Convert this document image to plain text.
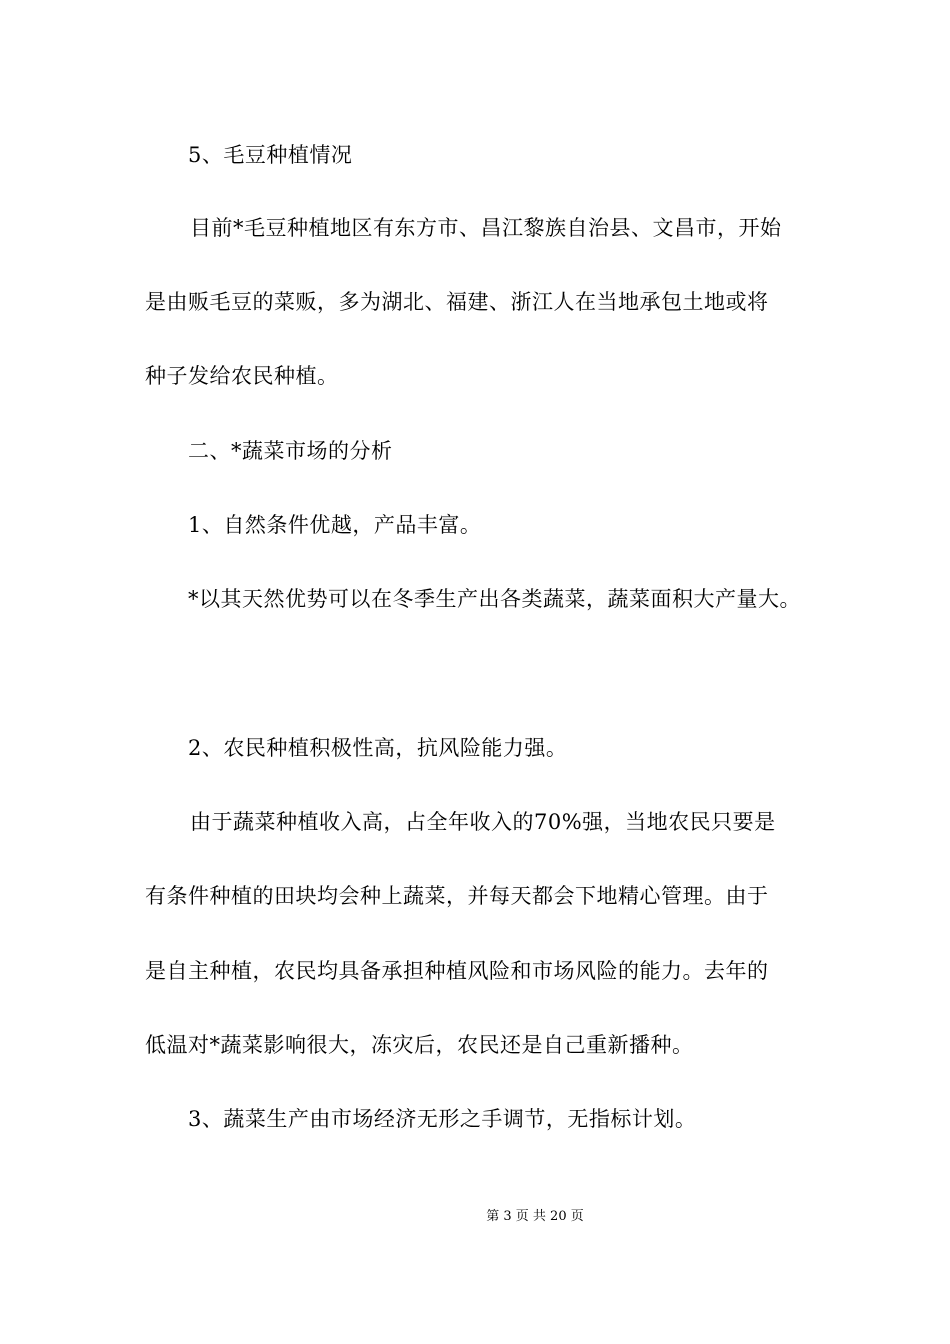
5、毛豆种植情况
目前*毛豆种植地区有东方市、昌江黎族自治县、文昌市，开始
是由贩毛豆的菜贩，多为湖北、福建、浙江人在当地承包土地或将
种子发给农民种植。
二、*蔬菜市场的分析
1、自然条件优越，产品丰富。
*以其天然优势可以在冬季生产出各类蔬菜，蔬菜面积大产量大。
2、农民种植积极性高，抗风险能力强。
由于蔬菜种植收入高，占全年收入的70%强，当地农民只要是
有条件种植的田块均会种上蔬菜，并每天都会下地精心管理。由于
是自主种植，农民均具备承担种植风险和市场风险的能力。去年的
低温对*蔬菜影响很大，冻灾后，农民还是自己重新播种。
3、蔬菜生产由市场经济无形之手调节，无指标计划。
第 3 页 共 20 页
